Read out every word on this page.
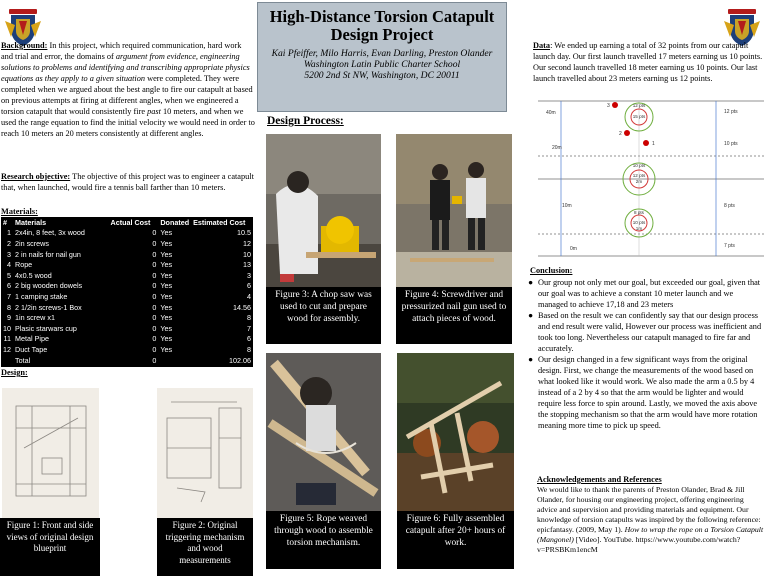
High-Distance Torsion Catapult Design Project
Kai Pfeiffer, Milo Harris, Evan Darling, Preston Olander
Washington Latin Public Charter School
5200 2nd St NW, Washington, DC 20011
Background: In this project, which required communication, hard work and trial and error, the domains of argument from evidence, engineering solutions to problems and identifying and transcribing appropriate physics equations as they apply to a given situation were completed. They were completed when we argued about the best angle to fire our catapult at based on previous attempts at firing at different angles, when we engineered a torsion catapult that would consistently fire past 10 meters, and when we used the range equation to find the initial velocity we would need in order to reach 10 meters an 20 meters consistently at different angles.
Research objective: The objective of this project was to engineer a catapult that, when launched, would fire a tennis ball farther than 10 meters.
Materials:
#	Materials	Actual Cost	Donated	Estimated Cost
1	2x4in, 8 feet, 3x wood	0	Yes	10.5
2	2in screws	0	Yes	12
3	2 in nails for nail gun	0	Yes	10
4	Rope	0	Yes	13
5	4x0.5 wood	0	Yes	3
6	2 big wooden dowels	0	Yes	6
7	1 camping stake	0	Yes	4
8	2 1/2in screws-1 Box	0	Yes	14.56
9	1in screw x1	0	Yes	8
10	Plasic starwars cup	0	Yes	7
11	Metal Pipe	0	Yes	6
12	Duct Tape	0	Yes	8
	Total	0		102.06
Design:
Figure 1: Front and side views of original design blueprint
Figure 2: Original triggering mechanism and wood measurements
Design Process:
Figure 3: A chop saw was used to cut and prepare wood for assembly.
Figure 4: Screwdriver and pressurized nail gun used to attach pieces of wood.
Figure 5: Rope weaved through wood to assemble torsion mechanism.
Figure 6: Fully assembled catapult after 20+ hours of work.
Data: We ended up earning a total of 32 points from our catapult launch day. Our first launch travelled 17 meters earning us 10 points. Our second launch travelled 18 meter earning us 10 points. Our last launch travelled about 23 meters earning us 12 points.
40m
20m
10m
0m
12 pts
15 pts
12 pts
10 pts
12 pts
2m
10 pts
8 pts
10 pts
1m
8 pts
7 pts
3
2
1
Conclusion:
● Our group not only met our goal, but exceeded our goal, given that our goal was to achieve a constant 10 meter launch and we managed to achieve 17,18 and 23 meters
● Based on the result we can confidently say that our design process and end result were valid, However our process was inefficient and took too long. Nevertheless our catapult managed to fire far and accurately.
● Our design changed in a few significant ways from the original design. First, we change the measurements of the wood based on what looked like it would work. We also made the arm a 0.5 by 4 instead of a 2 by 4 so that the arm would be lighter and would require less force to spin around. Lastly, we moved the axis above the stopping mechanism so that the arm would have more rotation meaning more time to pick up speed.
Acknowledgements and References
We would like to thank the parents of Preston Olander, Brad & Jill Olander, for housing our engineering project, offering engineering advice and supervision and providing materials and equipment. Our knowledge of torsion catapults was inspired by the following reference: epicfantasy. (2009, May 1). How to wrap the rope on a Torsion Catapult (Mangonel) [Video]. YouTube. https://www.youtube.com/watch?v=PRSBKm1encM
